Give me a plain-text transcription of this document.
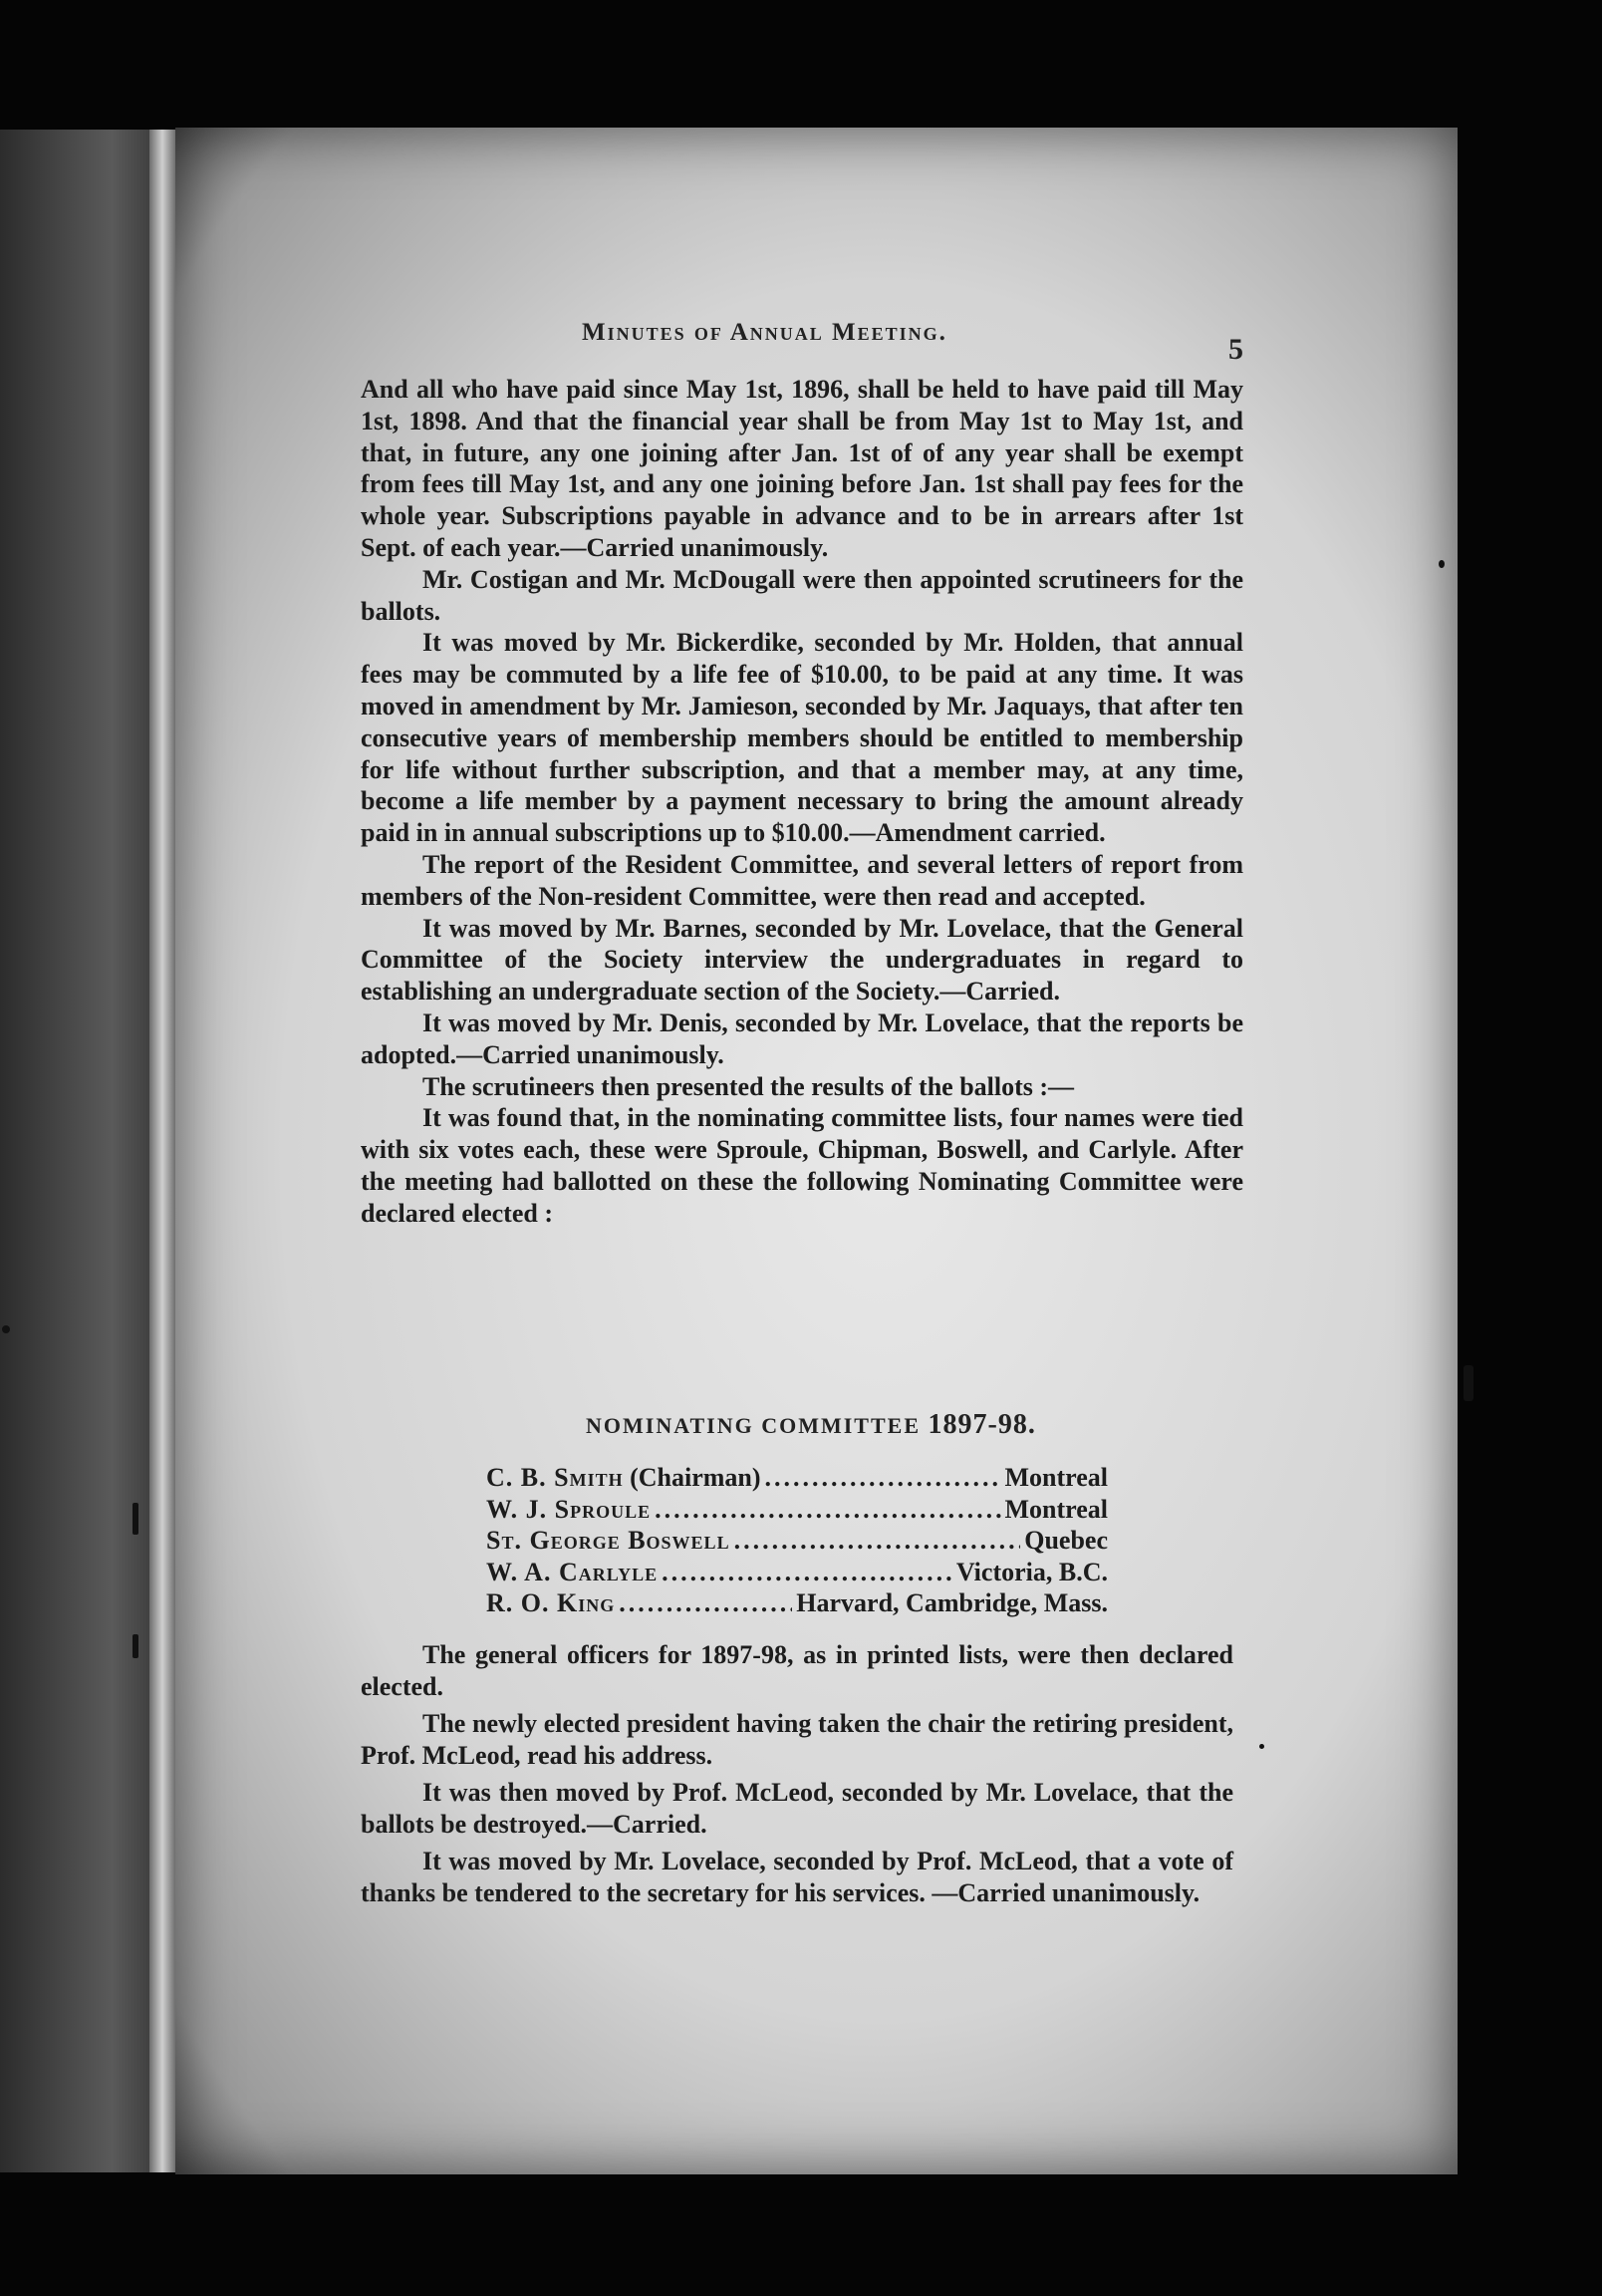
Minutes of Annual Meeting.
5

And all who have paid since May 1st, 1896, shall be held to have paid till May 1st, 1898. And that the financial year shall be from May 1st to May 1st, and that, in future, any one joining after Jan. 1st of of any year shall be exempt from fees till May 1st, and any one joining before Jan. 1st shall pay fees for the whole year. Subscriptions payable in advance and to be in arrears after 1st Sept. of each year.—Carried unanimously.

Mr. Costigan and Mr. McDougall were then appointed scrutineers for the ballots.

It was moved by Mr. Bickerdike, seconded by Mr. Holden, that annual fees may be commuted by a life fee of $10.00, to be paid at any time. It was moved in amendment by Mr. Jamieson, seconded by Mr. Jaquays, that after ten consecutive years of membership members should be entitled to membership for life without further subscription, and that a member may, at any time, become a life member by a payment necessary to bring the amount already paid in in annual subscriptions up to $10.00.—Amendment carried.

The report of the Resident Committee, and several letters of report from members of the Non-resident Committee, were then read and accepted.

It was moved by Mr. Barnes, seconded by Mr. Lovelace, that the General Committee of the Society interview the undergraduates in regard to establishing an undergraduate section of the Society.—Carried.

It was moved by Mr. Denis, seconded by Mr. Lovelace, that the reports be adopted.—Carried unanimously.

The scrutineers then presented the results of the ballots :—

It was found that, in the nominating committee lists, four names were tied with six votes each, these were Sproule, Chipman, Boswell, and Carlyle. After the meeting had ballotted on these the following Nominating Committee were declared elected :

NOMINATING COMMITTEE 1897-98.
C. B. Smith (Chairman) .....	Montreal
W. J. Sproule .....	Montreal
St. George Boswell .....	Quebec
W. A. Carlyle .....	Victoria, B.C.
R. O. King .....	Harvard, Cambridge, Mass.

The general officers for 1897-98, as in printed lists, were then declared elected.

The newly elected president having taken the chair the retiring president, Prof. McLeod, read his address.

It was then moved by Prof. McLeod, seconded by Mr. Lovelace, that the ballots be destroyed.—Carried.

It was moved by Mr. Lovelace, seconded by Prof. McLeod, that a vote of thanks be tendered to the secretary for his services. —Carried unanimously.
